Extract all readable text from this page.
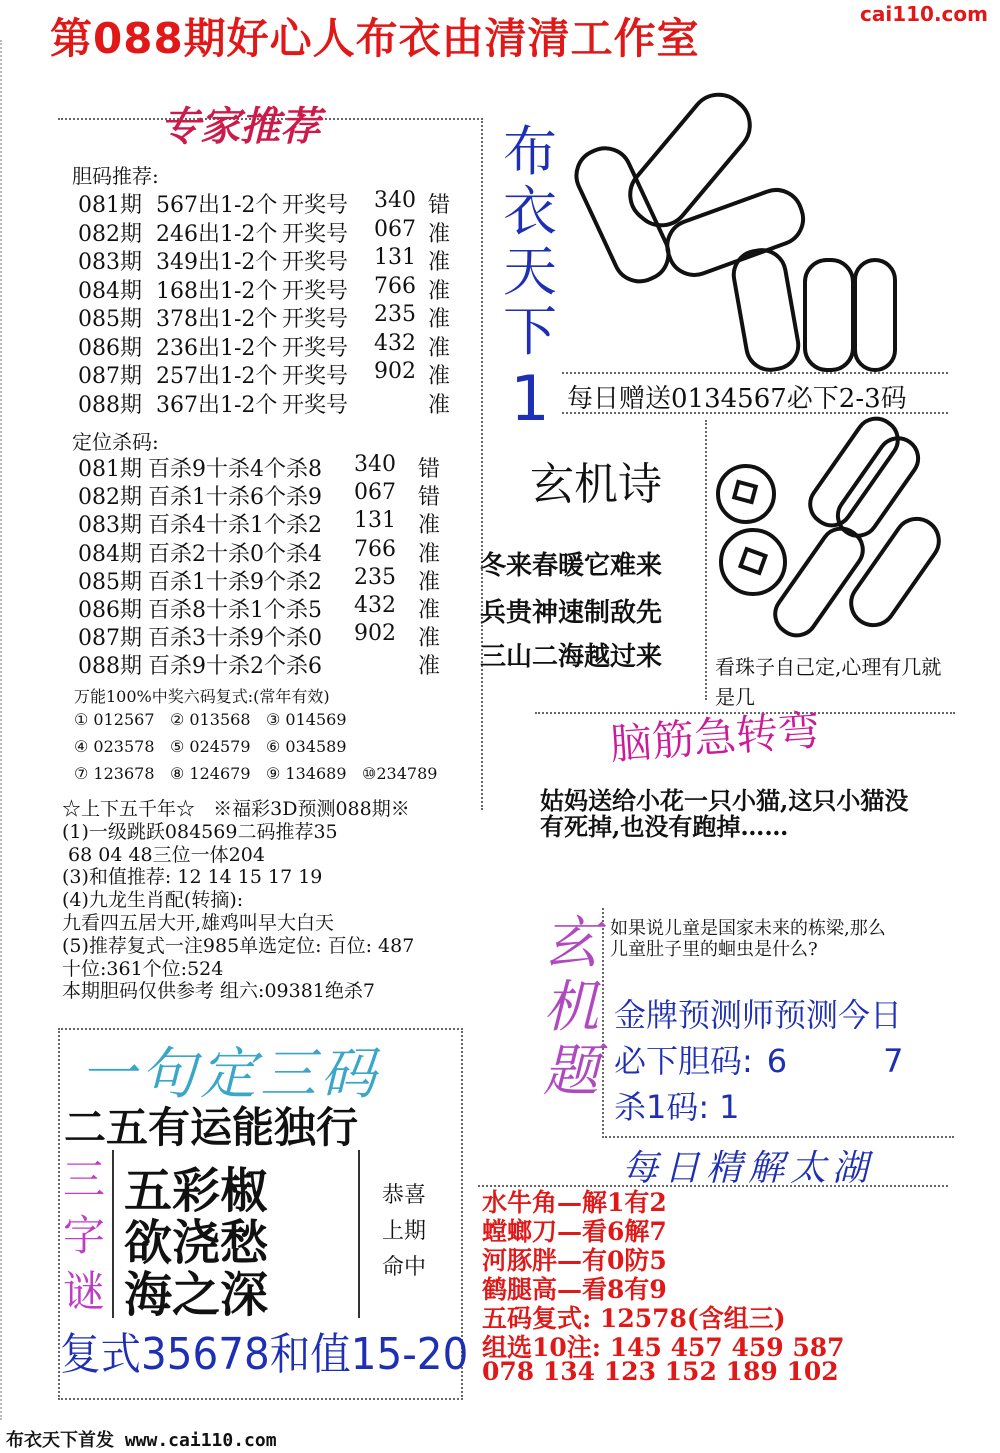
第088期好心人布衣由清清工作室	cai110.com
专家推荐
胆码推荐:
081期 567出1-2个 开奖号 340 错
082期 246出1-2个 开奖号 067 准
083期 349出1-2个 开奖号 131 准
084期 168出1-2个 开奖号 766 准
085期 378出1-2个 开奖号 235 准
086期 236出1-2个 开奖号 432 准
087期 257出1-2个 开奖号 902 准
088期 367出1-2个 开奖号	准
定位杀码:
081期 百杀9十杀4个杀8 340 错
082期 百杀1十杀6个杀9 067 错
083期 百杀4十杀1个杀2 131 准
084期 百杀2十杀0个杀4 766 准
085期 百杀1十杀9个杀2 235 准
086期 百杀8十杀1个杀5 432 准
087期 百杀3十杀9个杀0 902 准
088期 百杀9十杀2个杀6	准
万能100%中奖六码复式:(常年有效)
① 012567 ② 013568 ③ 014569
④ 023578 ⑤ 024579 ⑥ 034589
⑦ 123678 ⑧ 124679 ⑨ 134689 ⑩234789
☆上下五千年☆   ※福彩3D预测088期※
(1)一级跳跃084569二码推荐35
68 04 48三位一体204
(3)和值推荐: 12 14 15 17 19
(4)九龙生肖配(转摘):
九看四五居大开,雄鸡叫早大白天
(5)推荐复式一注985单选定位: 百位: 487
十位:361个位:524
本期胆码仅供参考 组六:09381绝杀7
布
衣
天
下
1 每日赠送0134567必下2-3码
玄机诗
冬来春暖它难来
兵贵神速制敌先
三山二海越过来	看珠子自己定,心理有几就是几
脑筋急转弯
姑妈送给小花一只小猫,这只小猫没有死掉,也没有跑掉……
玄
机
题
如果说儿童是国家未来的栋梁,那么儿童肚子里的蛔虫是什么?
金牌预测师预测今日
必下胆码: 6	7
杀1码: 1
每日精解太湖
水牛角—解1有2
螳螂刀—看6解7
河豚胖—有0防5
鹤腿高—看8有9
五码复式: 12578(含组三)
组选10注: 145 457 459 587
078 134 123 152 189 102
一句定三码
二五有运能独行
三
字
谜
五彩椒
欲浇愁
海之深
恭喜
上期
命中
复式35678和值15-20
布衣天下首发 www.cai110.com
